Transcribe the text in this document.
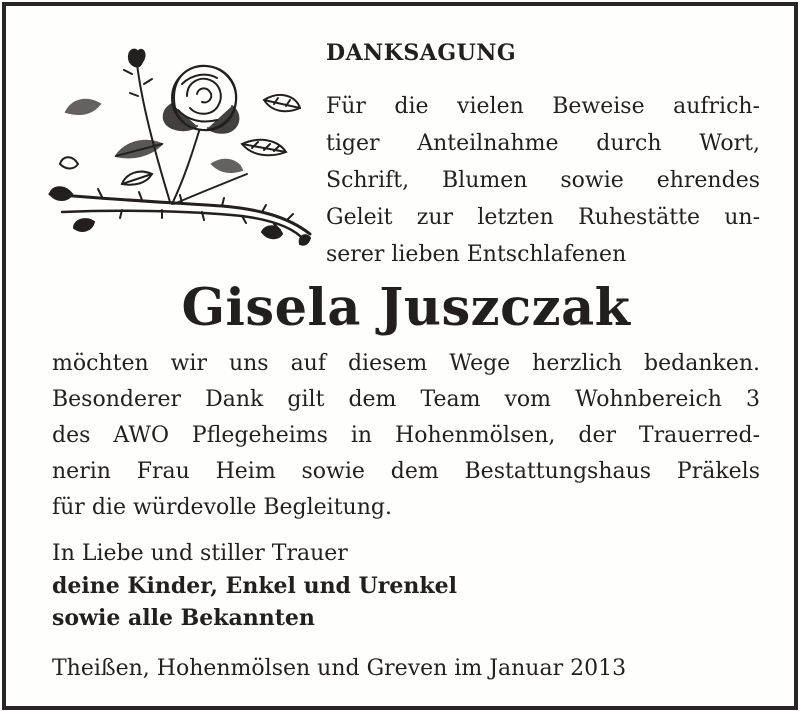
DANKSAGUNG
Für die vielen Beweise aufrich-
tiger Anteilnahme durch Wort,
Schrift, Blumen sowie ehrendes
Geleit zur letzten Ruhestätte un-
serer lieben Entschlafenen
Gisela Juszczak
möchten wir uns auf diesem Wege herzlich bedanken.
Besonderer Dank gilt dem Team vom Wohnbereich 3
des AWO Pflegeheims in Hohenmölsen, der Trauerred-
nerin Frau Heim sowie dem Bestattungshaus Präkels
für die würdevolle Begleitung.
In Liebe und stiller Trauer
deine Kinder, Enkel und Urenkel
sowie alle Bekannten
Theißen, Hohenmölsen und Greven im Januar 2013
